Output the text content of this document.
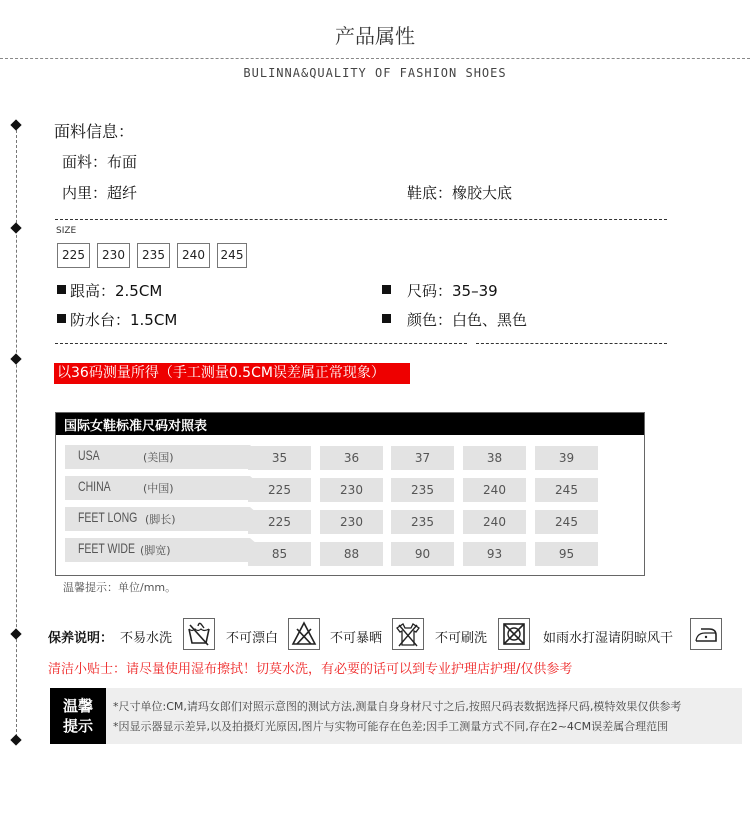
产品属性
BULINNA&QUALITY OF FASHION SHOES
面料信息：
面料：布面
内里：超纤	鞋底：橡胶大底
SIZE
225	230	235	240	245
跟高：2.5CM	尺码：35–39
防水台：1.5CM	颜色：白色、黑色
以36码测量所得（手工测量0.5CM误差属正常现象）
国际女鞋标准尺码对照表
USA	(美国)	35	36	37	38	39
CHINA	(中国)	225	230	235	240	245
FEET LONG (脚长)	225	230	235	240	245
FEET WIDE (脚宽)	85	88	90	93	95
温馨提示：单位/mm。
保养说明： 不易水洗	不可漂白	不可暴晒	不可刷洗	如雨水打湿请阴晾风干
清洁小贴士：请尽量使用湿布擦拭！切莫水洗，有必要的话可以到专业护理店护理/仅供参考
温馨
提示
*尺寸单位:CM,请玛女郎们对照示意图的测试方法,测量自身身材尺寸之后,按照尺码表数据选择尺码,模特效果仅供参考
*因显示器显示差异,以及拍摄灯光原因,图片与实物可能存在色差;因手工测量方式不同,存在2~4CM误差属合理范围
